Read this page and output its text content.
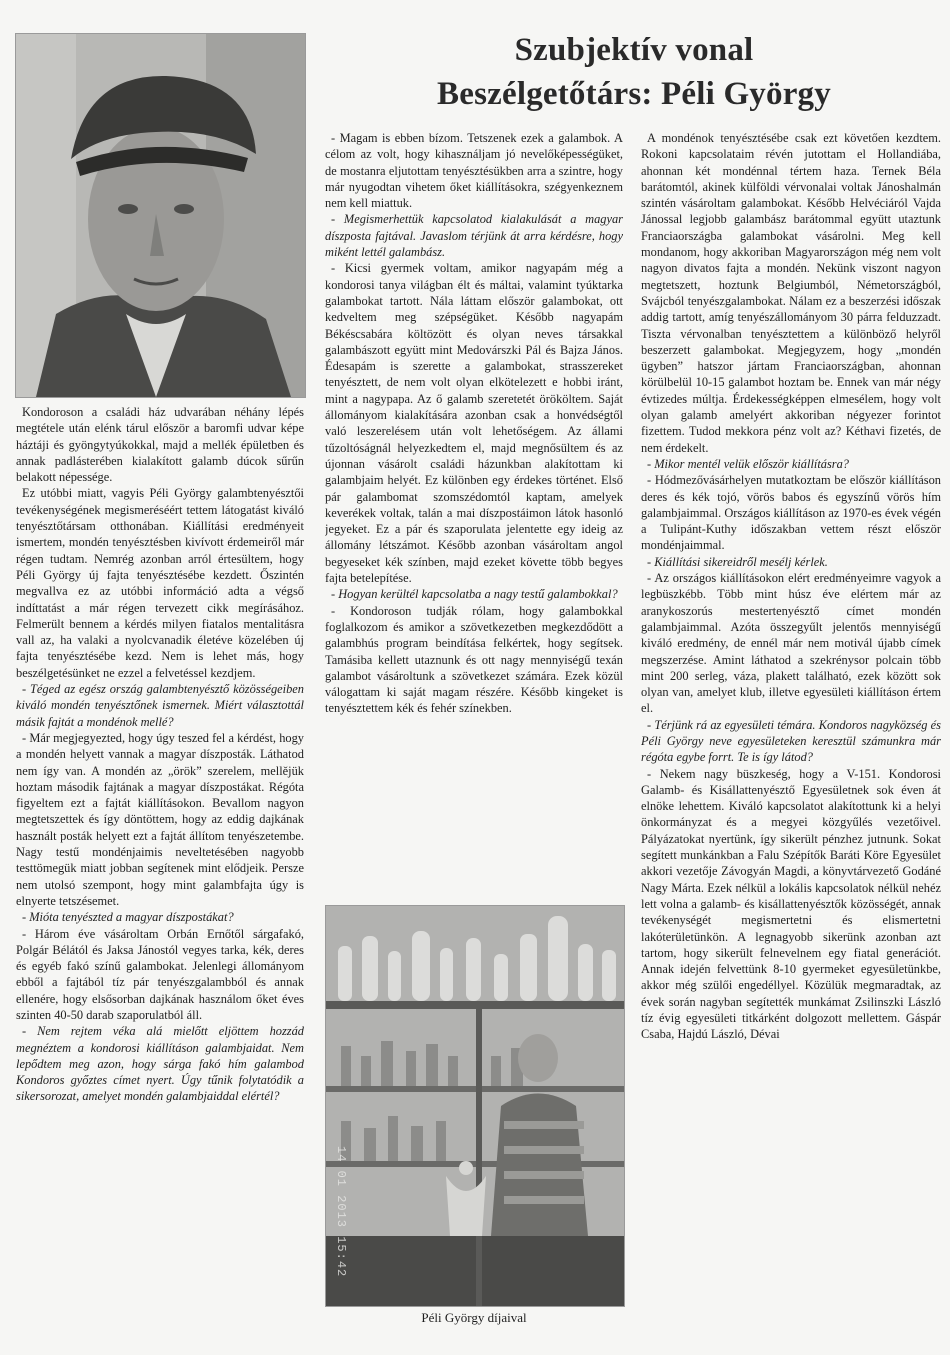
Szubjektív vonal
Beszélgetőtárs: Péli György

Kondoroson a családi ház udvarában néhány lépés megtétele után elénk tárul először a baromfi udvar képe háztáji és gyöngytyúkokkal, majd a mellék épületben és annak padlásterében kialakított galamb dúcok sűrűn belakott népessége.

Ez utóbbi miatt, vagyis Péli György galambtenyésztői tevékenységének megismeréséért tettem látogatást kiváló tenyésztőtársam otthonában. Kiállítási eredményeit ismertem, mondén tenyésztésben kivívott érdemeiről már régen tudtam. Nemrég azonban arról értesültem, hogy Péli György új fajta tenyésztésébe kezdett. Őszintén megvallva ez az utóbbi információ adta a végső indíttatást a már régen tervezett cikk megírásához. Felmerült bennem a kérdés milyen fiatalos mentalitásra vall az, ha valaki a nyolcvanadik életéve közelében új fajta tenyésztésébe kezd. Nem is lehet más, hogy beszélgetésünket ne ezzel a felvetéssel kezdjem.

- Téged az egész ország galambtenyésztő közösségeiben kiváló mondén tenyésztőnek ismernek. Miért választottál másik fajtát a mondénok mellé?

- Már megjegyezted, hogy úgy teszed fel a kérdést, hogy a mondén helyett vannak a magyar díszposták. Láthatod nem így van. A mondén az „örök” szerelem, mellějük hoztam második fajtának a magyar díszpostákat. Régóta figyeltem ezt a fajtát kiállításokon. Bevallom nagyon megtetszettek és így döntöttem, hogy az eddig dajkának használt posták helyett ezt a fajtát állítom tenyészetembe. Nagy testű mondénjaimis neveltetésében nagyobb testtömegük miatt jobban segítenek mint elődjeik. Persze nem utolsó szempont, hogy mint galambfajta úgy is elnyerte tetszésemet.

- Mióta tenyészted a magyar díszpostákat?

- Három éve vásároltam Orbán Ernőtől sárgafakó, Polgár Bélától és Jaksa Jánostól vegyes tarka, kék, deres és egyéb fakó színű galambokat. Jelenlegi állományom ebből a fajtából tíz pár tenyészgalambból és annak ellenére, hogy elsősorban dajkának használom őket éves szinten 40-50 darab szaporulatból áll.

- Nem rejtem véka alá mielőtt eljöttem hozzád megnéztem a kondorosi kiállításon galambjaidat. Nem lepődtem meg azon, hogy sárga fakó hím galambod Kondoros győztes címet nyert. Úgy tűnik folytatódik a sikersorozat, amelyet mondén galambjaiddal elértél?

- Magam is ebben bízom. Tetszenek ezek a galambok. A célom az volt, hogy kihasználjam jó nevelőképességüket, de mostanra eljutottam tenyésztésükben arra a szintre, hogy már nyugodtan vihetem őket kiállításokra, szégyenkeznem nem kell miattuk.

- Megismerhettük kapcsolatod kialakulását a magyar díszposta fajtával. Javaslom térjünk át arra kérdésre, hogy miként lettél galambász.

- Kicsi gyermek voltam, amikor nagyapám még a kondorosi tanya világban élt és máltai, valamint tyúktarka galambokat tartott. Nála láttam először galambokat, ott kedveltem meg szépségüket. Később nagyapám Békéscsabára költözött és olyan neves társakkal galambászott együtt mint Medovárszki Pál és Bajza János. Édesapám is szerette a galambokat, strasszereket tenyésztett, de nem volt olyan elkötelezett e hobbi iránt, mint a nagypapa. Az ő galamb szeretetét örököltem. Saját állományom kialakítására azonban csak a honvédségtől való leszerelésem után volt lehetőségem. Az állami tűzoltóságnál helyezkedtem el, majd megnősültem és az újonnan vásárolt családi házunkban alakítottam ki galambjaim helyét. Ez különben egy érdekes történet. Első pár galambomat szomszédomtól kaptam, amelyek keverékek voltak, talán a mai díszpostáimon látok hasonló jegyeket. Ez a pár és szaporulata jelentette egy ideig az állomány létszámot. Később azonban vásároltam angol begyeseket kék színben, majd ezeket követte több begyes fajta betelepítése.

- Hogyan kerültél kapcsolatba a nagy testű galambokkal?

- Kondoroson tudják rólam, hogy galambokkal foglalkozom és amikor a szövetkezetben megkezdődött a galambhús program beindítása felkértek, hogy segítsek. Tamásiba kellett utaznunk és ott nagy mennyiségű texán galambot vásároltunk a szövetkezet számára. Ezek közül válogattam ki saját magam részére. Később kingeket is tenyésztettem kék és fehér színekben.

14 01 2013 15:42
Péli György díjaival

A mondénok tenyésztésébe csak ezt követően kezdtem. Rokoni kapcsolataim révén jutottam el Hollandiába, ahonnan két mondénnal tértem haza. Ternek Béla barátomtól, akinek külföldi vérvonalai voltak Jánoshalmán szintén vásároltam galambokat. Később Helvéciáról Vajda Jánossal legjobb galambász barátommal együtt utaztunk Franciaországba galambokat vásárolni. Meg kell mondanom, hogy akkoriban Magyarországon még nem volt nagyon divatos fajta a mondén. Nekünk viszont nagyon megtetszett, hoztunk Belgiumból, Németországból, Svájcból tenyészgalambokat. Nálam ez a beszerzési időszak addig tartott, amíg tenyészállományom 30 párra felduzzadt. Tiszta vérvonalban tenyésztettem a különböző helyről beszerzett galambokat. Megjegyzem, hogy „mondén ügyben” hatszor jártam Franciaországban, ahonnan körülbelül 10-15 galambot hoztam be. Ennek van már négy évtizedes múltja. Érdekességképpen elmesélem, hogy volt olyan galamb amelyért akkoriban négyezer forintot fizettem. Tudod mekkora pénz volt az? Kéthavi fizetés, de nem érdekelt.

- Mikor mentél velük először kiállításra?

- Hódmezővásárhelyen mutatkoztam be először kiállításon deres és kék tojó, vörös babos és egyszínű vörös hím galambjaimmal. Országos kiállításon az 1970-es évek végén a Tulipánt-Kuthy időszakban vettem részt először mondénjaimmal.

- Kiállítási sikereidről mesélj kérlek.

- Az országos kiállításokon elért eredményeimre vagyok a legbüszkébb. Több mint húsz éve elértem már az aranykoszorús mestertenyésztő címet mondén galambjaimmal. Azóta összegyűlt jelentős mennyiségű kiváló eredmény, de ennél már nem motivál újabb címek megszerzése. Amint láthatod a szekrénysor polcain több mint 200 serleg, váza, plakett található, ezek között sok olyan van, amelyet klub, illetve egyesületi kiállításon értem el.

- Térjünk rá az egyesületi témára. Kondoros nagyközség és Péli György neve egyesületeken keresztül számunkra már régóta egybe forrt. Te is így látod?

- Nekem nagy büszkeség, hogy a V-151. Kondorosi Galamb- és Kisállattenyésztő Egyesületnek sok éven át elnöke lehettem. Kiváló kapcsolatot alakítottunk ki a helyi önkormányzat és a megyei közgyűlés vezetőivel. Pályázatokat nyertünk, így sikerült pénzhez jutnunk. Sokat segített munkánkban a Falu Szépítők Baráti Köre Egyesület akkori vezetője Závogyán Magdi, a könyvtárvezető Godáné Nagy Márta. Ezek nélkül a lokális kapcsolatok nélkül nehéz lett volna a galamb- és kisállattenyésztők közösségét, annak tevékenységét megismertetni és elismertetni lakóterületünkön. A legnagyobb sikerünk azonban azt tartom, hogy sikerült felnevelnem egy fiatal generációt. Annak idején felvettünk 8-10 gyermeket egyesületünkbe, akkor még szülői engedéllyel. Közülük megmaradtak, az évek során nagyban segítették munkámat Zsilinszki László tíz évig egyesületi titkárként dolgozott mellettem. Gáspár Csaba, Hajdú László, Dévai
